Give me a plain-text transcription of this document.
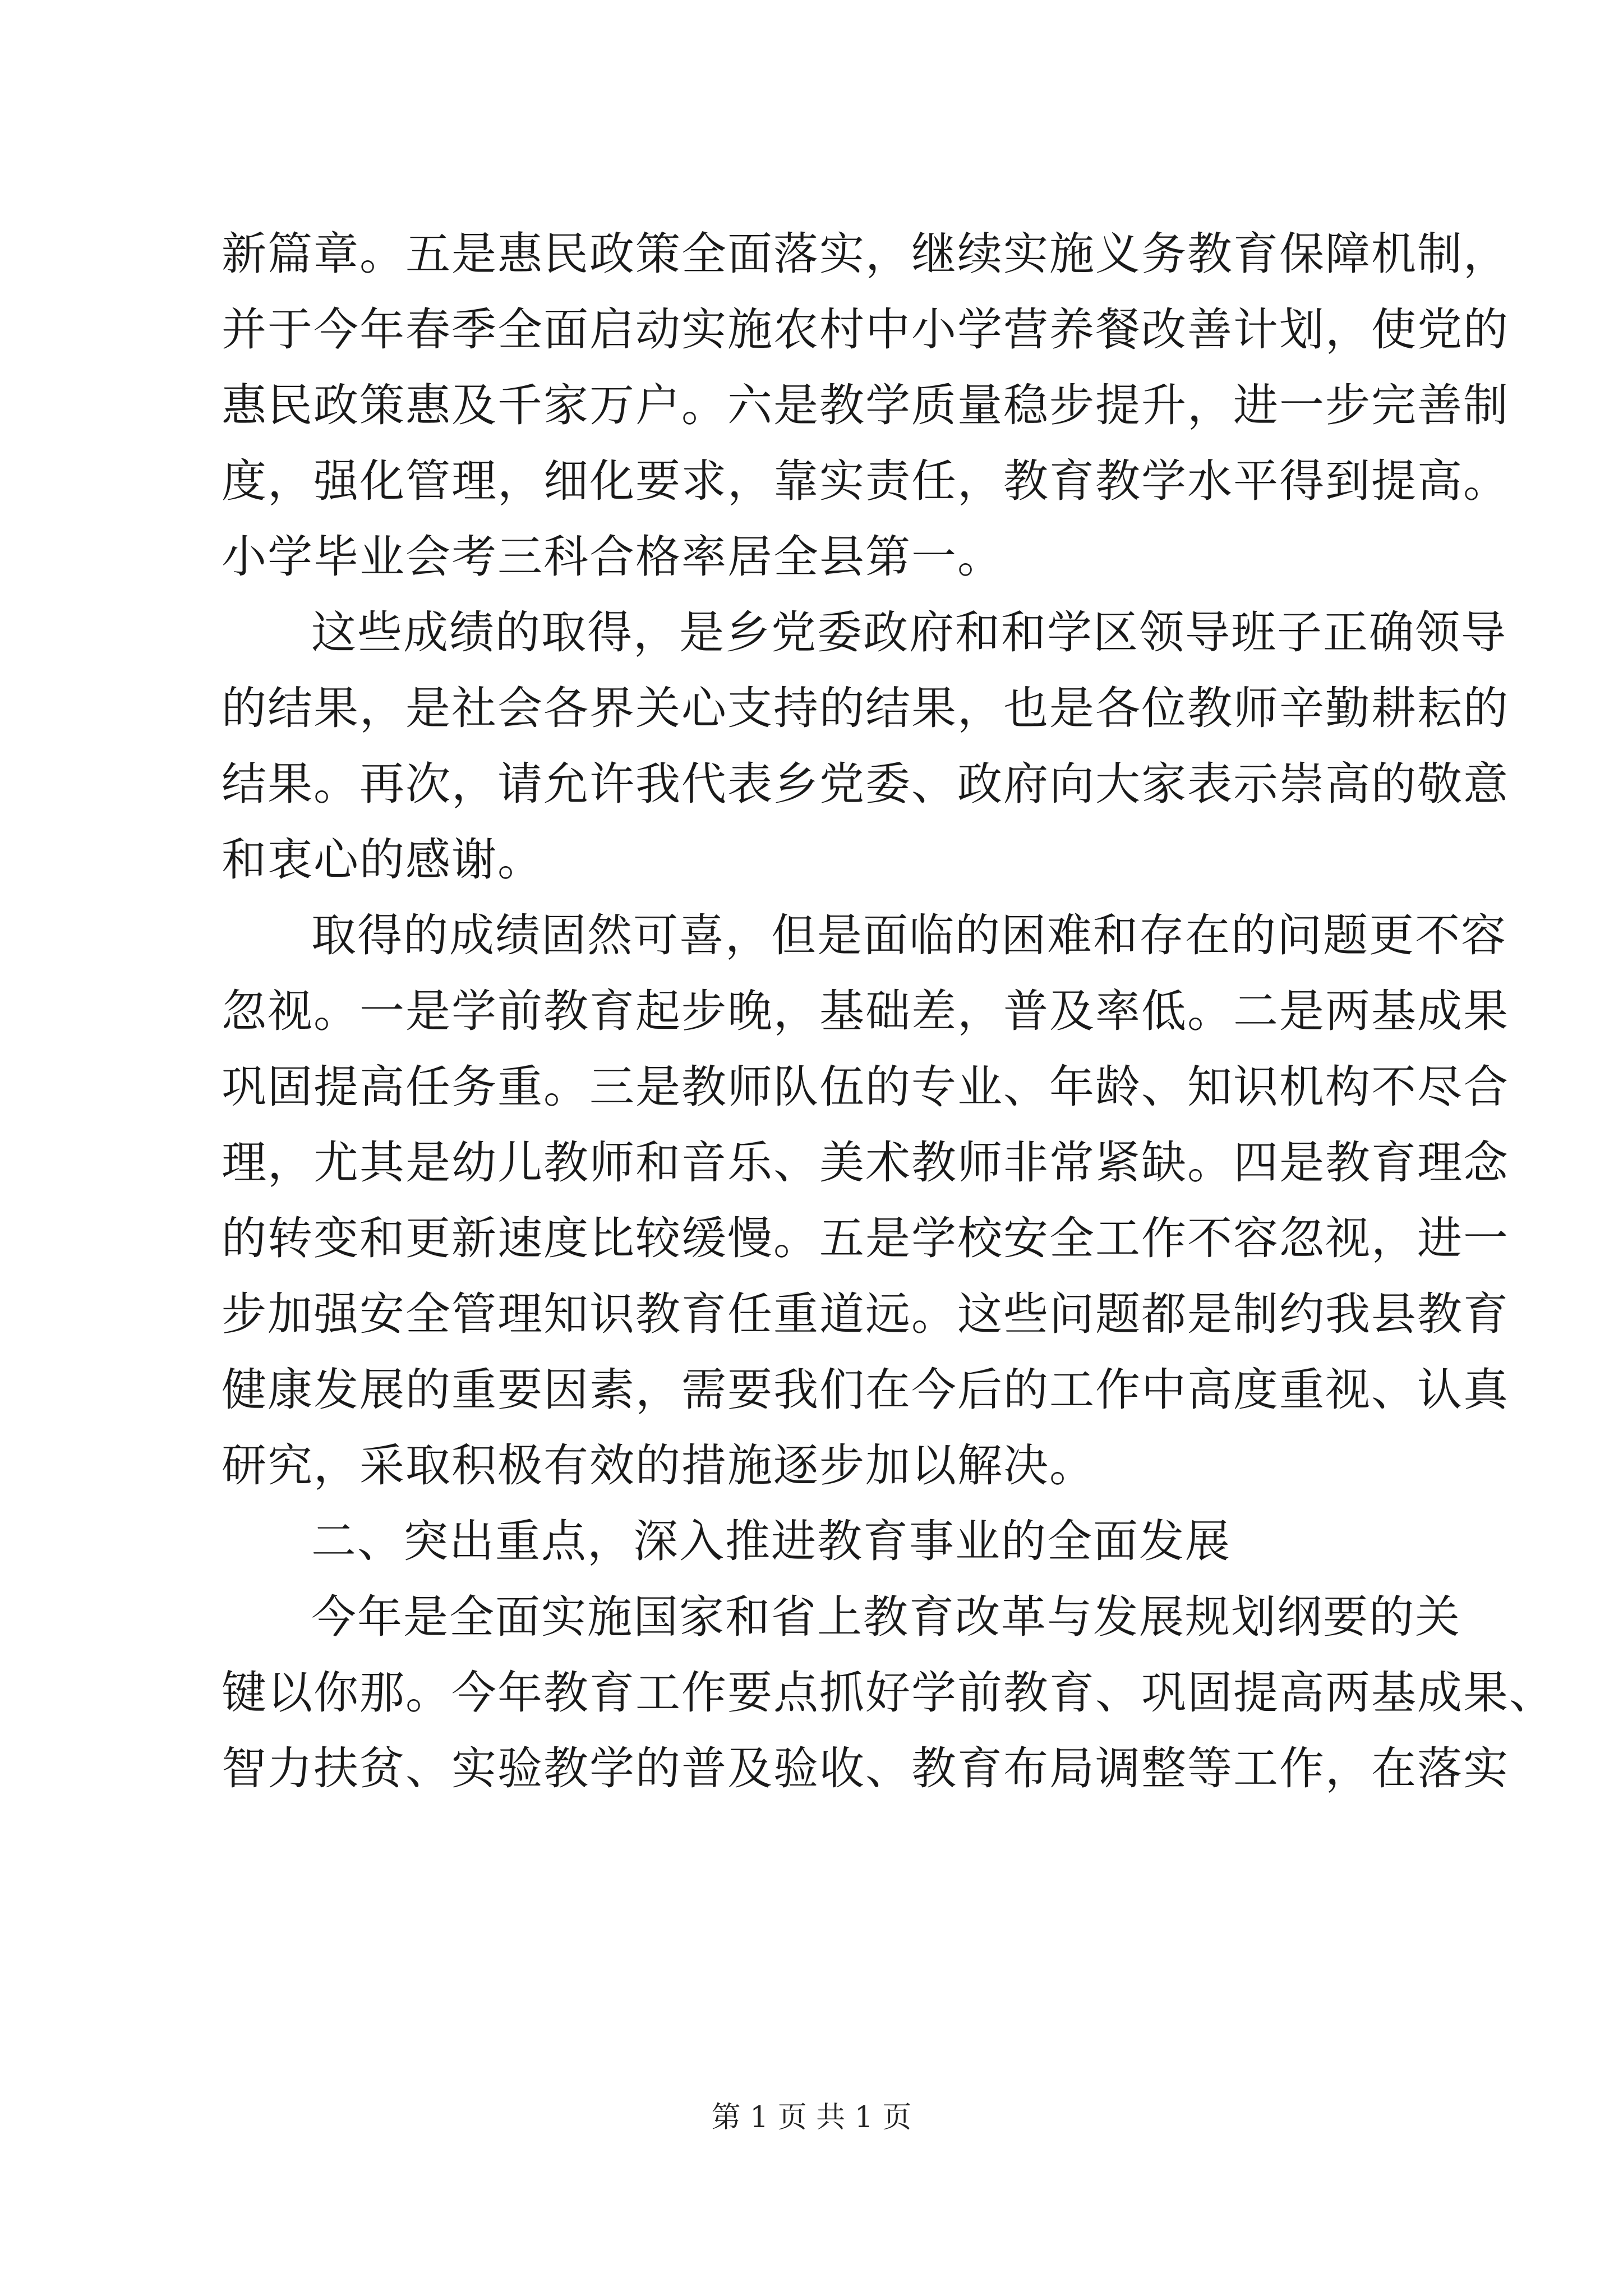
新篇章。五是惠民政策全面落实，继续实施义务教育保障机制，
并于今年春季全面启动实施农村中小学营养餐改善计划，使党的
惠民政策惠及千家万户。六是教学质量稳步提升，进一步完善制
度，强化管理，细化要求，靠实责任，教育教学水平得到提高。
小学毕业会考三科合格率居全县第一。

这些成绩的取得，是乡党委政府和和学区领导班子正确领导
的结果，是社会各界关心支持的结果，也是各位教师辛勤耕耘的
结果。再次，请允许我代表乡党委、政府向大家表示崇高的敬意
和衷心的感谢。

取得的成绩固然可喜，但是面临的困难和存在的问题更不容
忽视。一是学前教育起步晚，基础差，普及率低。二是两基成果
巩固提高任务重。三是教师队伍的专业、年龄、知识机构不尽合
理，尤其是幼儿教师和音乐、美术教师非常紧缺。四是教育理念
的转变和更新速度比较缓慢。五是学校安全工作不容忽视，进一
步加强安全管理知识教育任重道远。这些问题都是制约我县教育
健康发展的重要因素，需要我们在今后的工作中高度重视、认真
研究，采取积极有效的措施逐步加以解决。

二、突出重点，深入推进教育事业的全面发展

今年是全面实施国家和省上教育改革与发展规划纲要的关
键以你那。今年教育工作要点抓好学前教育、巩固提高两基成果、
智力扶贫、实验教学的普及验收、教育布局调整等工作，在落实

第 1 页 共 1 页
